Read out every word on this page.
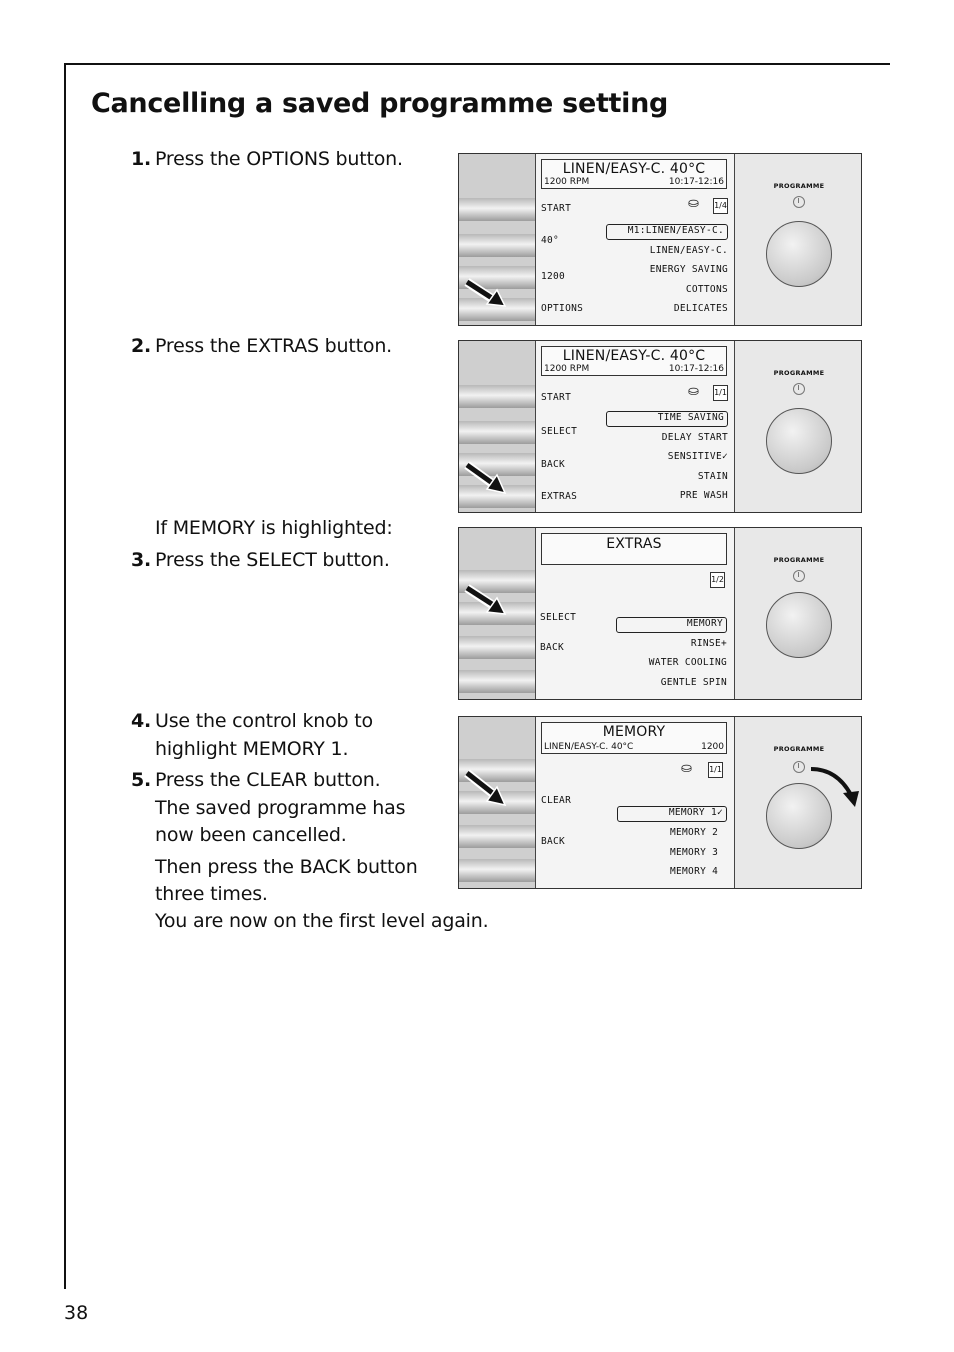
Cancelling a saved programme setting
1. Press the OPTIONS button.
2. Press the EXTRAS button.
If MEMORY is highlighted:
3. Press the SELECT button.
4. Use the control knob to
highlight MEMORY 1.
5. Press the CLEAR button.
The saved programme has
now been cancelled.
Then press the BACK button
three times.
You are now on the first level again.
LINEN/EASY-C. 40°C
1200 RPM	10:17-12:16
⛀ 1/4
START
40°
1200
OPTIONS
M1:LINEN/EASY-C.
LINEN/EASY-C.
ENERGY SAVING
COTTONS
DELICATES
PROGRAMME
LINEN/EASY-C. 40°C
1200 RPM	10:17-12:16
⛀ 1/1
START
SELECT
BACK
EXTRAS
TIME SAVING
DELAY START
SENSITIVE✓
STAIN
PRE WASH
PROGRAMME
EXTRAS
1/2
SELECT
BACK
MEMORY
RINSE+
WATER COOLING
GENTLE SPIN
PROGRAMME
MEMORY
LINEN/EASY-C. 40°C	1200
⛀ 1/1
CLEAR
BACK
MEMORY 1✓
MEMORY 2
MEMORY 3
MEMORY 4
PROGRAMME
38
